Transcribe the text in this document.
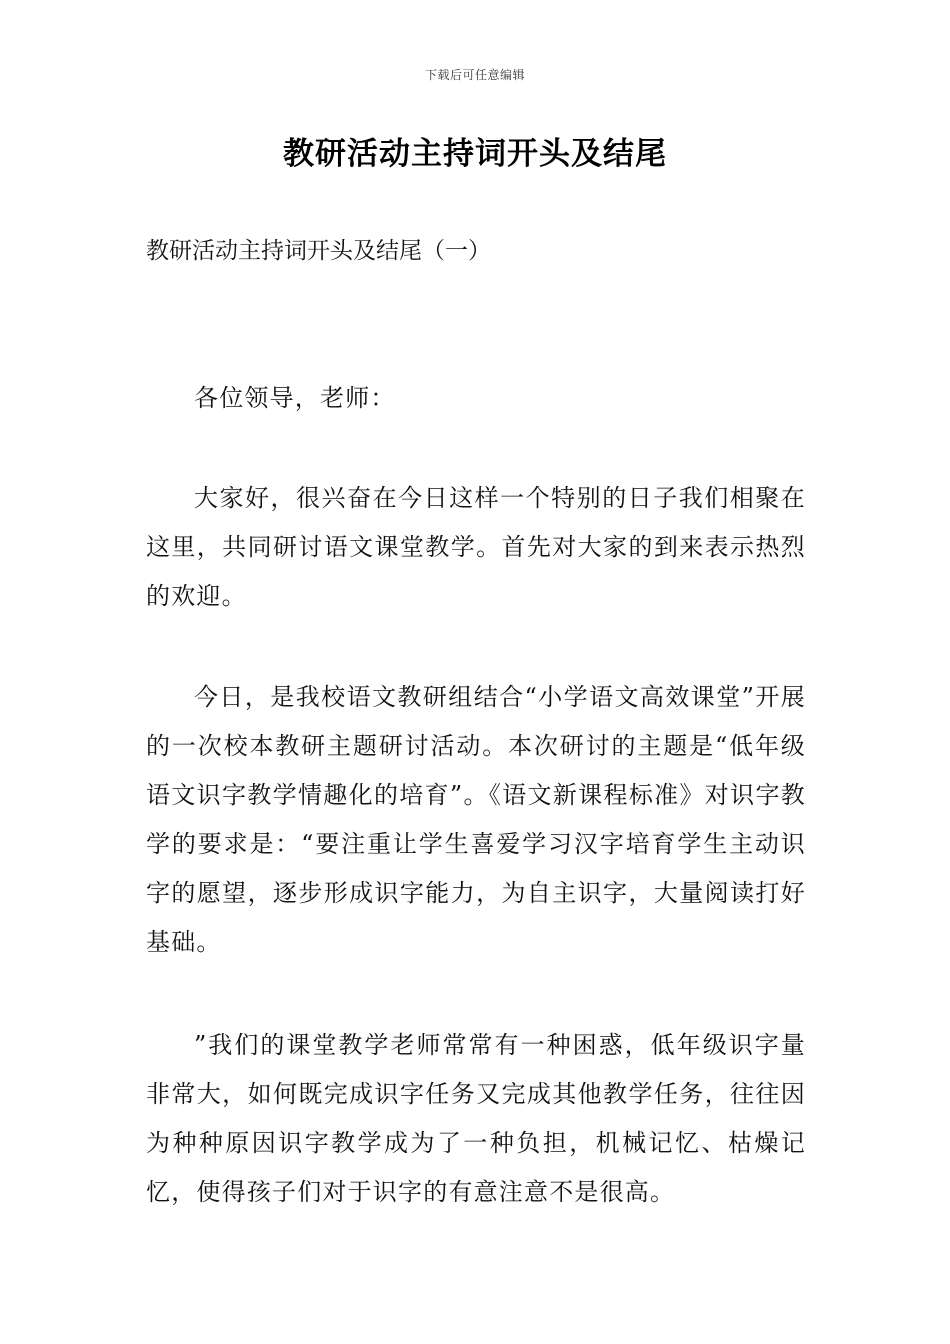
下载后可任意编辑
教研活动主持词开头及结尾
教研活动主持词开头及结尾（一）

各位领导，老师：

大家好，很兴奋在今日这样一个特别的日子我们相聚在这里，共同研讨语文课堂教学。首先对大家的到来表示热烈的欢迎。

今日，是我校语文教研组结合“小学语文高效课堂”开展的一次校本教研主题研讨活动。本次研讨的主题是“低年级语文识字教学情趣化的培育”。《语文新课程标准》对识字教学的要求是：“要注重让学生喜爱学习汉字培育学生主动识字的愿望，逐步形成识字能力，为自主识字，大量阅读打好基础。

”我们的课堂教学老师常常有一种困惑，低年级识字量非常大，如何既完成识字任务又完成其他教学任务，往往因为种种原因识字教学成为了一种负担，机械记忆、枯燥记忆，使得孩子们对于识字的有意注意不是很高。
